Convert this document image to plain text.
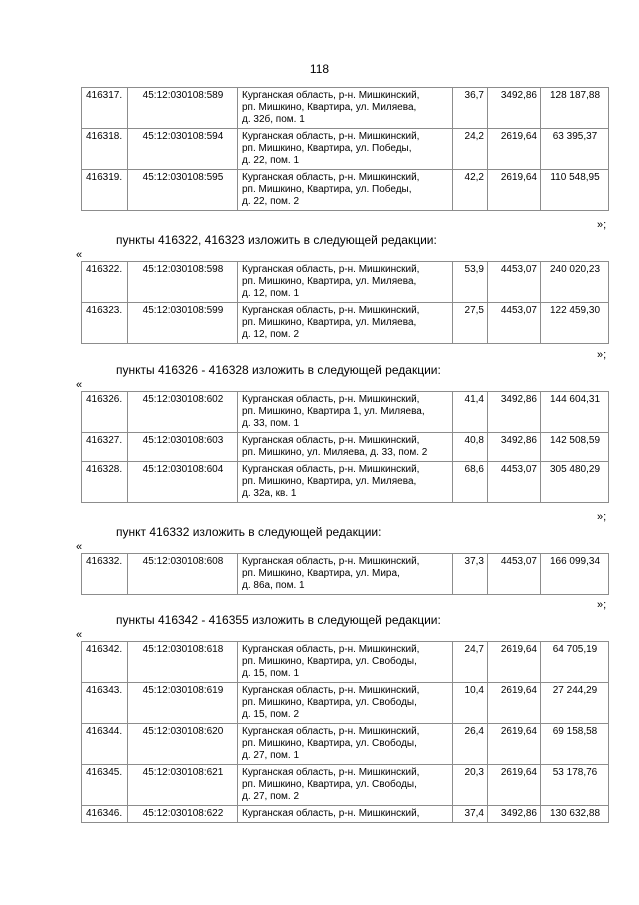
118
416317.	45:12:030108:589	Курганская область, р-н. Мишкинский,
рп. Мишкино, Квартира, ул. Миляева,
д. 32б, пом. 1	36,7	3492,86	128 187,88
416318.	45:12:030108:594	Курганская область, р-н. Мишкинский,
рп. Мишкино, Квартира, ул. Победы,
д. 22, пом. 1	24,2	2619,64	63 395,37
416319.	45:12:030108:595	Курганская область, р-н. Мишкинский,
рп. Мишкино, Квартира, ул. Победы,
д. 22, пом. 2	42,2	2619,64	110 548,95
»;
пункты 416322, 416323 изложить в следующей редакции:
«
416322.	45:12:030108:598	Курганская область, р-н. Мишкинский,
рп. Мишкино, Квартира, ул. Миляева,
д. 12, пом. 1	53,9	4453,07	240 020,23
416323.	45:12:030108:599	Курганская область, р-н. Мишкинский,
рп. Мишкино, Квартира, ул. Миляева,
д. 12, пом. 2	27,5	4453,07	122 459,30
»;
пункты 416326 - 416328 изложить в следующей редакции:
«
416326.	45:12:030108:602	Курганская область, р-н. Мишкинский,
рп. Мишкино, Квартира 1, ул. Миляева,
д. 33, пом. 1	41,4	3492,86	144 604,31
416327.	45:12:030108:603	Курганская область, р-н. Мишкинский,
рп. Мишкино, ул. Миляева, д. 33, пом. 2	40,8	3492,86	142 508,59
416328.	45:12:030108:604	Курганская область, р-н. Мишкинский,
рп. Мишкино, Квартира, ул. Миляева,
д. 32а, кв. 1	68,6	4453,07	305 480,29
»;
пункт 416332 изложить в следующей редакции:
«
416332.	45:12:030108:608	Курганская область, р-н. Мишкинский,
рп. Мишкино, Квартира, ул. Мира,
д. 86а, пом. 1
	37,3	4453,07	166 099,34
»;
пункты 416342 - 416355 изложить в следующей редакции:
«
416342.	45:12:030108:618	Курганская область, р-н. Мишкинский,
рп. Мишкино, Квартира, ул. Свободы,
д. 15, пом. 1	24,7	2619,64	64 705,19
416343.	45:12:030108:619	Курганская область, р-н. Мишкинский,
рп. Мишкино, Квартира, ул. Свободы,
д. 15, пом. 2	10,4	2619,64	27 244,29
416344.	45:12:030108:620	Курганская область, р-н. Мишкинский,
рп. Мишкино, Квартира, ул. Свободы,
д. 27, пом. 1	26,4	2619,64	69 158,58
416345.	45:12:030108:621	Курганская область, р-н. Мишкинский,
рп. Мишкино, Квартира, ул. Свободы,
д. 27, пом. 2	20,3	2619,64	53 178,76
416346.	45:12:030108:622	Курганская область, р-н. Мишкинский,	37,4	3492,86	130 632,88
